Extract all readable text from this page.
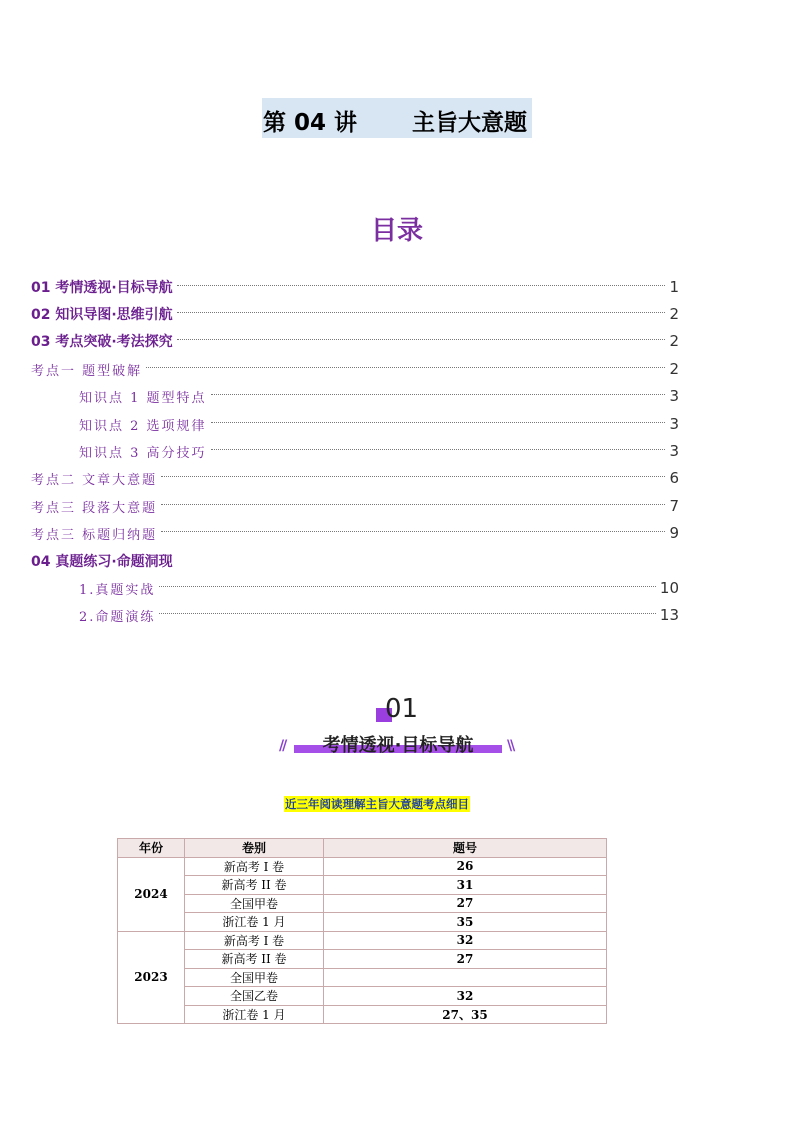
第 04 讲 主旨大意题
目录
01 考情透视·目标导航	1
02 知识导图·思维引航	2
03 考点突破·考法探究	2
考点一 题型破解	2
知识点 1 题型特点	3
知识点 2 选项规律	3
知识点 3 高分技巧	3
考点二 文章大意题	6
考点三 段落大意题	7
考点三 标题归纳题	9
04 真题练习·命题洞现
1.真题实战	10
2.命题演练	13
01
//	考情透视·目标导航	\\
近三年阅读理解主旨大意题考点细目
年份	卷别	题号
2024	新高考 I 卷	26
	新高考 II 卷	31
	全国甲卷	27
	浙江卷 1 月	35
2023	新高考 I 卷	32
	新高考 II 卷	27
	全国甲卷	
	全国乙卷	32
	浙江卷 1 月	27、35
